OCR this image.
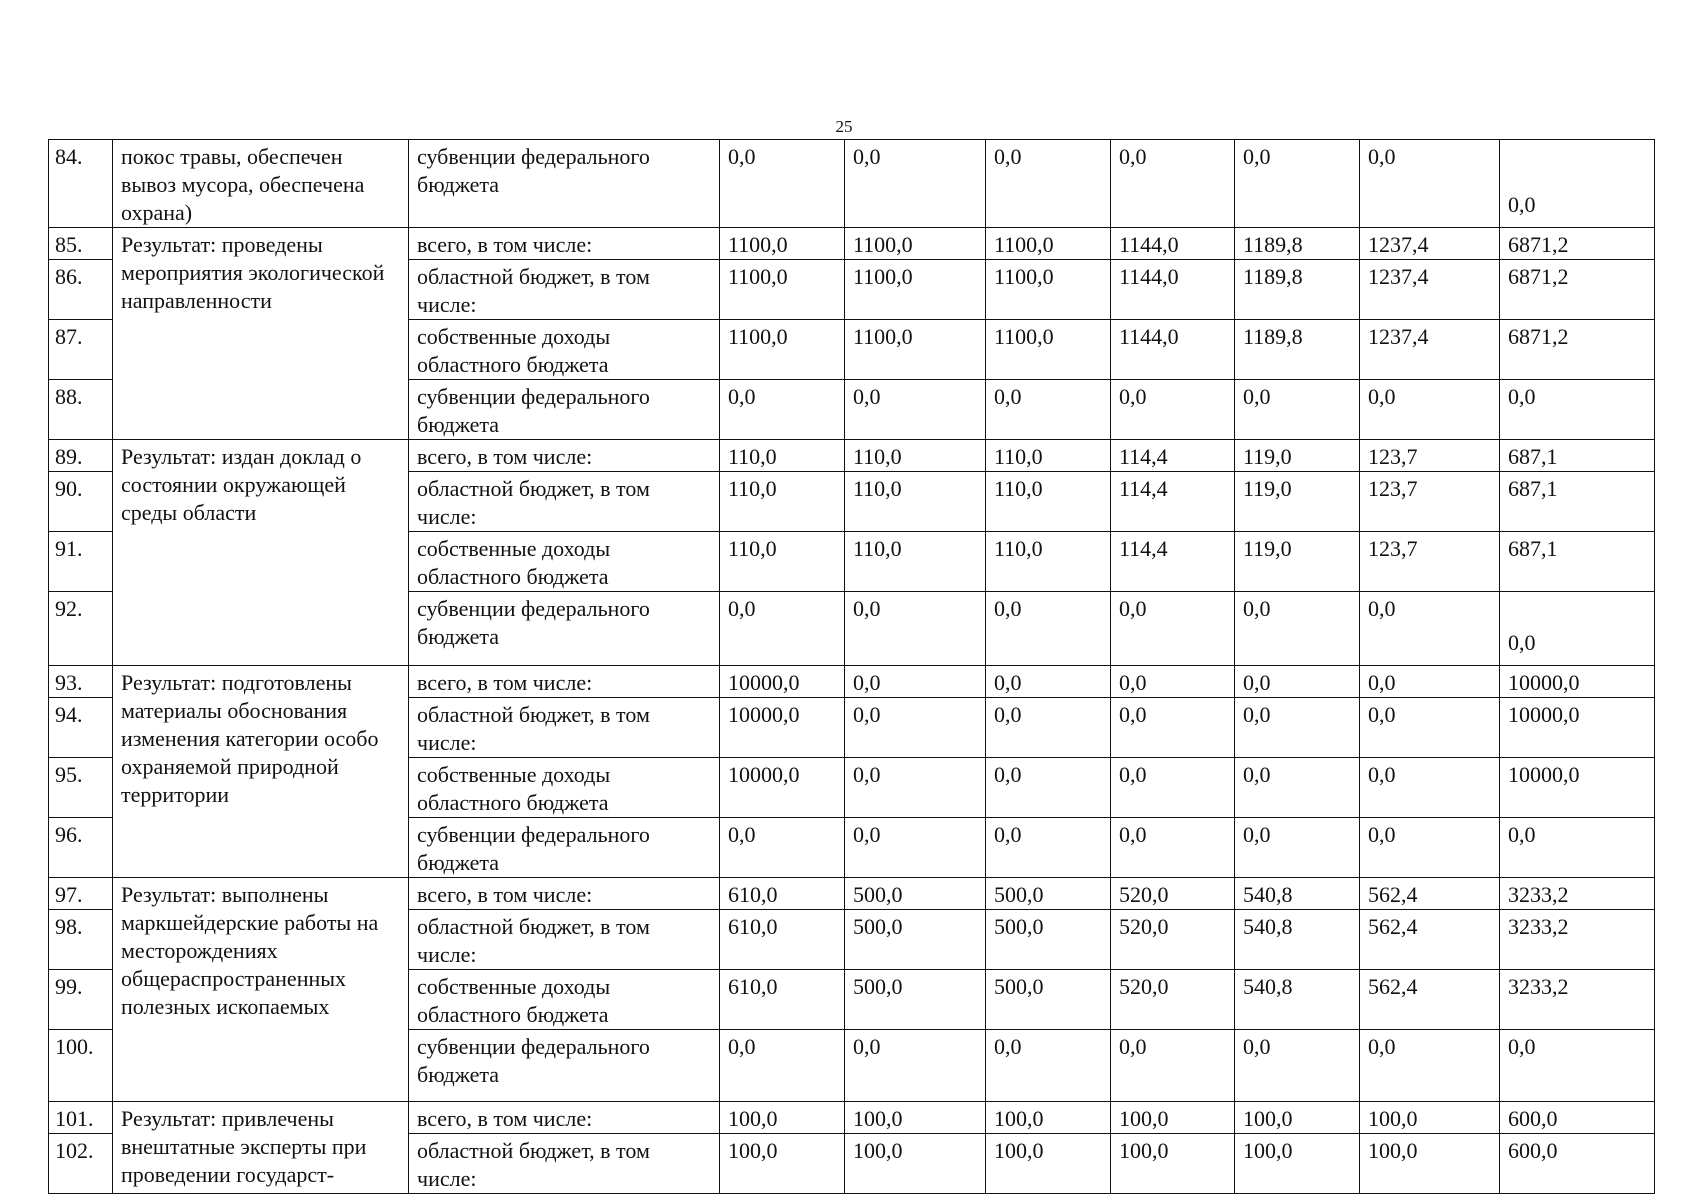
25
84.	покос травы, обеспечен вывоз мусора, обеспечена охрана)	субвенции федерального бюджета	0,0	0,0	0,0	0,0	0,0	0,0	0,0
85.	Результат: проведены мероприятия экологической направленности	всего, в том числе:	1100,0	1100,0	1100,0	1144,0	1189,8	1237,4	6871,2
86.		областной бюджет, в том числе:	1100,0	1100,0	1100,0	1144,0	1189,8	1237,4	6871,2
87.		собственные доходы областного бюджета	1100,0	1100,0	1100,0	1144,0	1189,8	1237,4	6871,2
88.		субвенции федерального бюджета	0,0	0,0	0,0	0,0	0,0	0,0	0,0
89.	Результат: издан доклад о состоянии окружающей среды области	всего, в том числе:	110,0	110,0	110,0	114,4	119,0	123,7	687,1
90.		областной бюджет, в том числе:	110,0	110,0	110,0	114,4	119,0	123,7	687,1
91.		собственные доходы областного бюджета	110,0	110,0	110,0	114,4	119,0	123,7	687,1
92.		субвенции федерального бюджета	0,0	0,0	0,0	0,0	0,0	0,0	0,0
93.	Результат: подготовлены материалы обоснования изменения категории особо охраняемой природной территории	всего, в том числе:	10000,0	0,0	0,0	0,0	0,0	0,0	10000,0
94.		областной бюджет, в том числе:	10000,0	0,0	0,0	0,0	0,0	0,0	10000,0
95.		собственные доходы областного бюджета	10000,0	0,0	0,0	0,0	0,0	0,0	10000,0
96.		субвенции федерального бюджета	0,0	0,0	0,0	0,0	0,0	0,0	0,0
97.	Результат: выполнены маркшейдерские работы на месторождениях общераспространенных полезных ископаемых	всего, в том числе:	610,0	500,0	500,0	520,0	540,8	562,4	3233,2
98.		областной бюджет, в том числе:	610,0	500,0	500,0	520,0	540,8	562,4	3233,2
99.		собственные доходы областного бюджета	610,0	500,0	500,0	520,0	540,8	562,4	3233,2
100.		субвенции федерального бюджета	0,0	0,0	0,0	0,0	0,0	0,0	0,0
101.	Результат: привлечены внештатные эксперты при проведении государст-	всего, в том числе:	100,0	100,0	100,0	100,0	100,0	100,0	600,0
102.		областной бюджет, в том числе:	100,0	100,0	100,0	100,0	100,0	100,0	600,0
